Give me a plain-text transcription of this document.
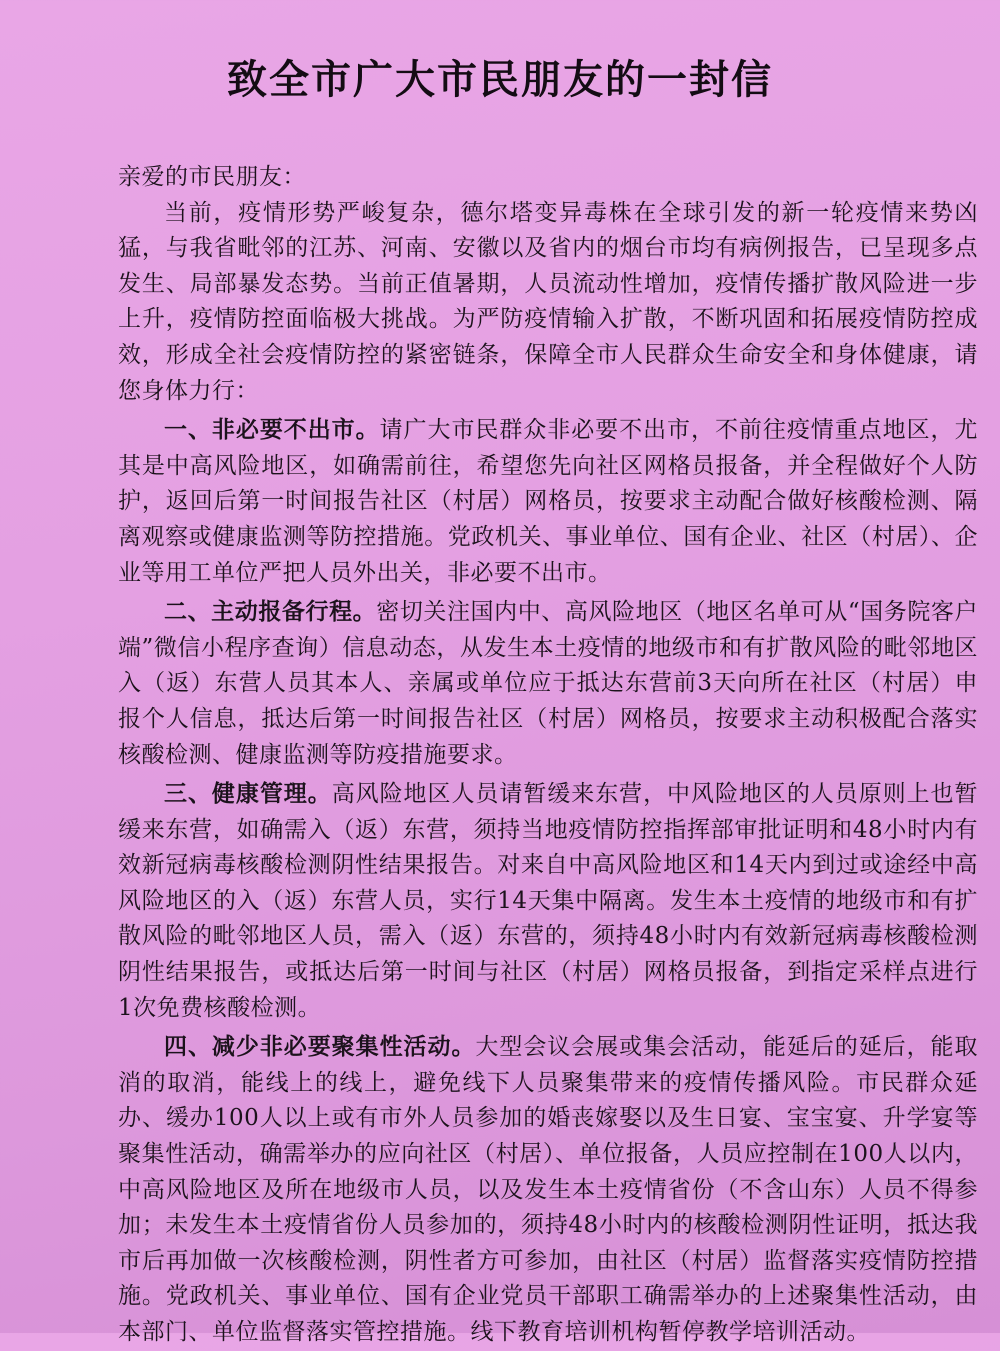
致全市广大市民朋友的一封信

亲爱的市民朋友：

当前，疫情形势严峻复杂，德尔塔变异毒株在全球引发的新一轮疫情来势凶猛，与我省毗邻的江苏、河南、安徽以及省内的烟台市均有病例报告，已呈现多点发生、局部暴发态势。当前正值暑期，人员流动性增加，疫情传播扩散风险进一步上升，疫情防控面临极大挑战。为严防疫情输入扩散，不断巩固和拓展疫情防控成效，形成全社会疫情防控的紧密链条，保障全市人民群众生命安全和身体健康，请您身体力行：

一、非必要不出市。请广大市民群众非必要不出市，不前往疫情重点地区，尤其是中高风险地区，如确需前往，希望您先向社区网格员报备，并全程做好个人防护，返回后第一时间报告社区（村居）网格员，按要求主动配合做好核酸检测、隔离观察或健康监测等防控措施。党政机关、事业单位、国有企业、社区（村居）、企业等用工单位严把人员外出关，非必要不出市。

二、主动报备行程。密切关注国内中、高风险地区（地区名单可从“国务院客户端”微信小程序查询）信息动态，从发生本土疫情的地级市和有扩散风险的毗邻地区入（返）东营人员其本人、亲属或单位应于抵达东营前3天向所在社区（村居）申报个人信息，抵达后第一时间报告社区（村居）网格员，按要求主动积极配合落实核酸检测、健康监测等防疫措施要求。

三、健康管理。高风险地区人员请暂缓来东营，中风险地区的人员原则上也暂缓来东营，如确需入（返）东营，须持当地疫情防控指挥部审批证明和48小时内有效新冠病毒核酸检测阴性结果报告。对来自中高风险地区和14天内到过或途经中高风险地区的入（返）东营人员，实行14天集中隔离。发生本土疫情的地级市和有扩散风险的毗邻地区人员，需入（返）东营的，须持48小时内有效新冠病毒核酸检测阴性结果报告，或抵达后第一时间与社区（村居）网格员报备，到指定采样点进行1次免费核酸检测。

四、减少非必要聚集性活动。大型会议会展或集会活动，能延后的延后，能取消的取消，能线上的线上，避免线下人员聚集带来的疫情传播风险。市民群众延办、缓办100人以上或有市外人员参加的婚丧嫁娶以及生日宴、宝宝宴、升学宴等聚集性活动，确需举办的应向社区（村居）、单位报备，人员应控制在100人以内，中高风险地区及所在地级市人员，以及发生本土疫情省份（不含山东）人员不得参加；未发生本土疫情省份人员参加的，须持48小时内的核酸检测阴性证明，抵达我市后再加做一次核酸检测，阴性者方可参加，由社区（村居）监督落实疫情防控措施。党政机关、事业单位、国有企业党员干部职工确需举办的上述聚集性活动，由本部门、单位监督落实管控措施。线下教育培训机构暂停教学培训活动。
